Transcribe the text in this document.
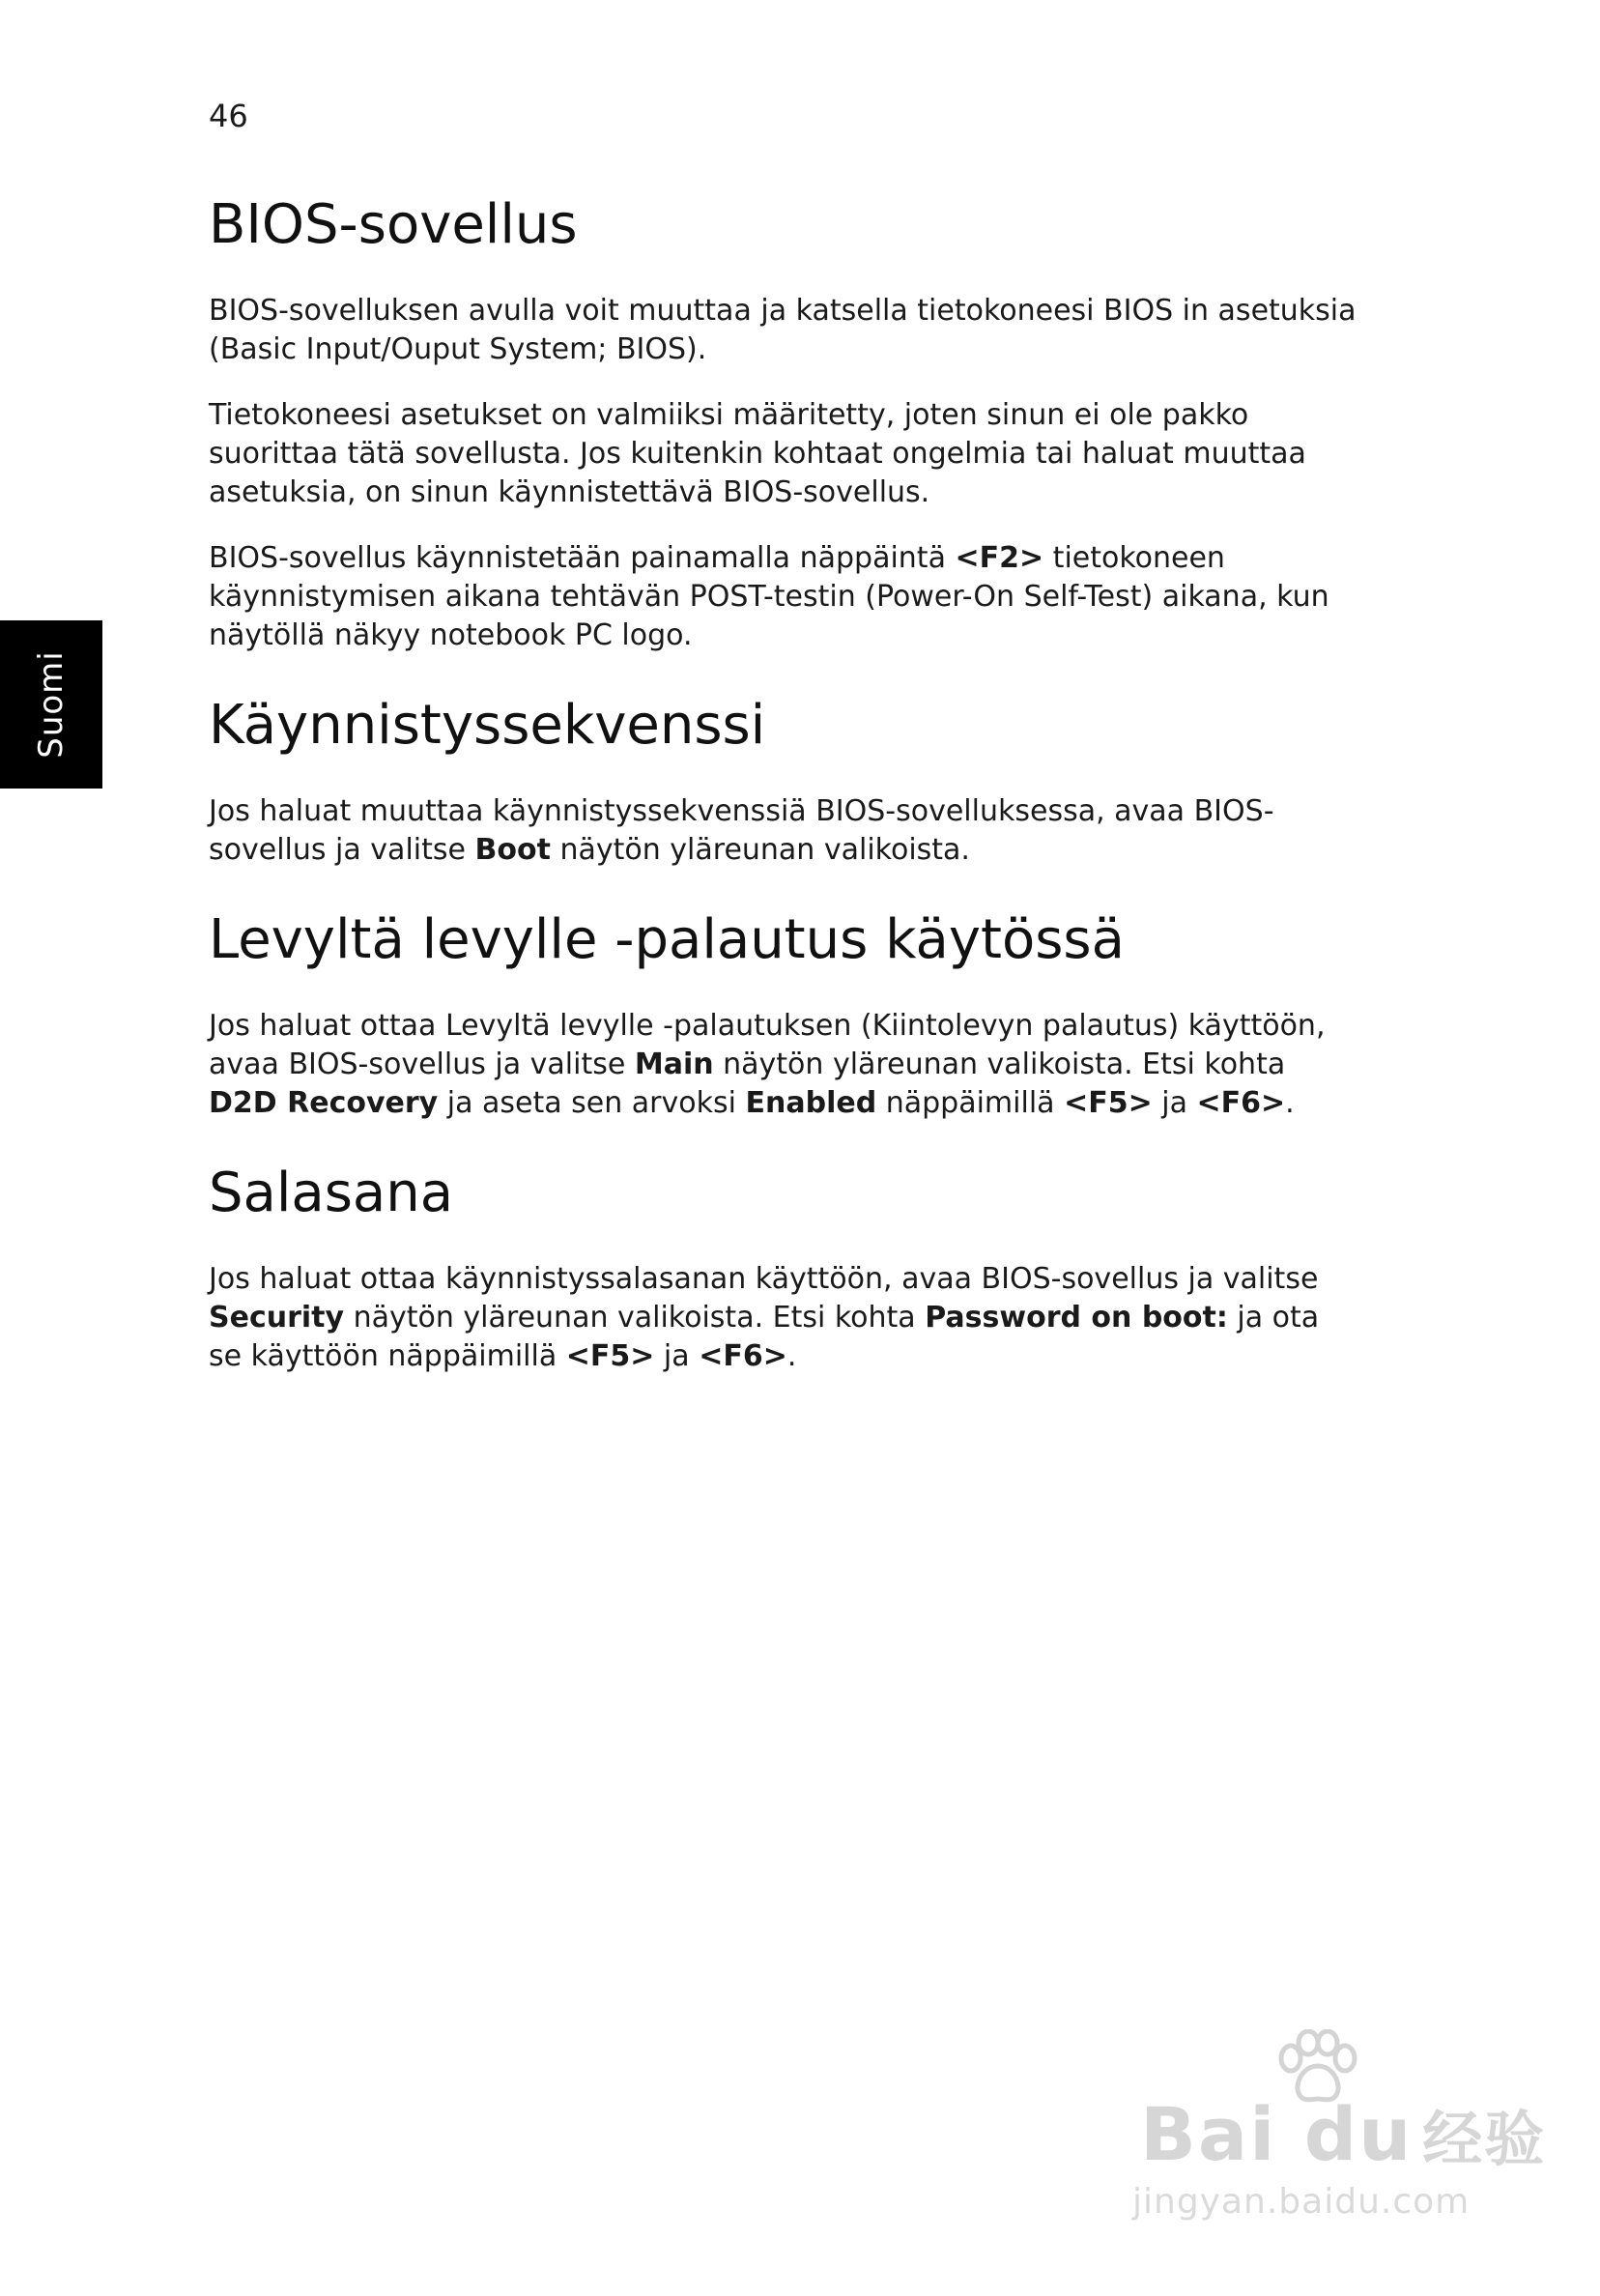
46
Suomi
BIOS-sovellus

BIOS-sovelluksen avulla voit muuttaa ja katsella tietokoneesi BIOS in asetuksia (Basic Input/Ouput System; BIOS).

Tietokoneesi asetukset on valmiiksi määritetty, joten sinun ei ole pakko suorittaa tätä sovellusta. Jos kuitenkin kohtaat ongelmia tai haluat muuttaa asetuksia, on sinun käynnistettävä BIOS-sovellus.

BIOS-sovellus käynnistetään painamalla näppäintä <F2> tietokoneen käynnistymisen aikana tehtävän POST-testin (Power-On Self-Test) aikana, kun näytöllä näkyy notebook PC logo.

Käynnistyssekvenssi

Jos haluat muuttaa käynnistyssekvenssiä BIOS-sovelluksessa, avaa BIOS-sovellus ja valitse Boot näytön yläreunan valikoista.

Levyltä levylle -palautus käytössä

Jos haluat ottaa Levyltä levylle -palautuksen (Kiintolevyn palautus) käyttöön, avaa BIOS-sovellus ja valitse Main näytön yläreunan valikoista. Etsi kohta D2D Recovery ja aseta sen arvoksi Enabled näppäimillä <F5> ja <F6>.

Salasana

Jos haluat ottaa käynnistyssalasanan käyttöön, avaa BIOS-sovellus ja valitse Security näytön yläreunan valikoista. Etsi kohta Password on boot: ja ota se käyttöön näppäimillä <F5> ja <F6>.

Bai du 经验
jingyan.baidu.com
